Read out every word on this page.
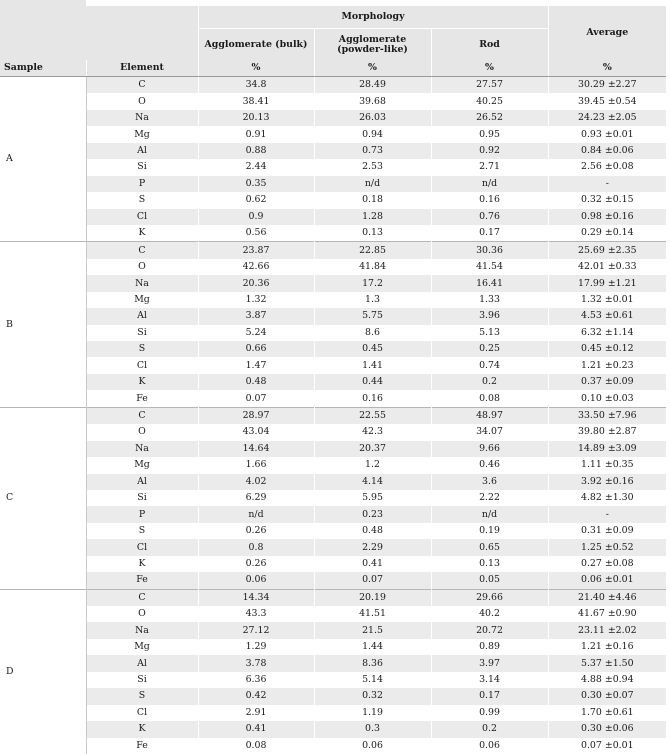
		Morphology			Average
		Agglomerate (bulk)	Agglomerate (powder-like)	Rod	
Sample	Element	%	%	%	%
A	C	34.8	28.49	27.57	30.29 ±2.27
	O	38.41	39.68	40.25	39.45 ±0.54
	Na	20.13	26.03	26.52	24.23 ±2.05
	Mg	0.91	0.94	0.95	0.93 ±0.01
	Al	0.88	0.73	0.92	0.84 ±0.06
	Si	2.44	2.53	2.71	2.56 ±0.08
	P	0.35	n/d	n/d	-
	S	0.62	0.18	0.16	0.32 ±0.15
	Cl	0.9	1.28	0.76	0.98 ±0.16
	K	0.56	0.13	0.17	0.29 ±0.14
B	C	23.87	22.85	30.36	25.69 ±2.35
	O	42.66	41.84	41.54	42.01 ±0.33
	Na	20.36	17.2	16.41	17.99 ±1.21
	Mg	1.32	1.3	1.33	1.32 ±0.01
	Al	3.87	5.75	3.96	4.53 ±0.61
	Si	5.24	8.6	5.13	6.32 ±1.14
	S	0.66	0.45	0.25	0.45 ±0.12
	Cl	1.47	1.41	0.74	1.21 ±0.23
	K	0.48	0.44	0.2	0.37 ±0.09
	Fe	0.07	0.16	0.08	0.10 ±0.03
C	C	28.97	22.55	48.97	33.50 ±7.96
	O	43.04	42.3	34.07	39.80 ±2.87
	Na	14.64	20.37	9.66	14.89 ±3.09
	Mg	1.66	1.2	0.46	1.11 ±0.35
	Al	4.02	4.14	3.6	3.92 ±0.16
	Si	6.29	5.95	2.22	4.82 ±1.30
	P	n/d	0.23	n/d	-
	S	0.26	0.48	0.19	0.31 ±0.09
	Cl	0.8	2.29	0.65	1.25 ±0.52
	K	0.26	0.41	0.13	0.27 ±0.08
	Fe	0.06	0.07	0.05	0.06 ±0.01
D	C	14.34	20.19	29.66	21.40 ±4.46
	O	43.3	41.51	40.2	41.67 ±0.90
	Na	27.12	21.5	20.72	23.11 ±2.02
	Mg	1.29	1.44	0.89	1.21 ±0.16
	Al	3.78	8.36	3.97	5.37 ±1.50
	Si	6.36	5.14	3.14	4.88 ±0.94
	S	0.42	0.32	0.17	0.30 ±0.07
	Cl	2.91	1.19	0.99	1.70 ±0.61
	K	0.41	0.3	0.2	0.30 ±0.06
	Fe	0.08	0.06	0.06	0.07 ±0.01
